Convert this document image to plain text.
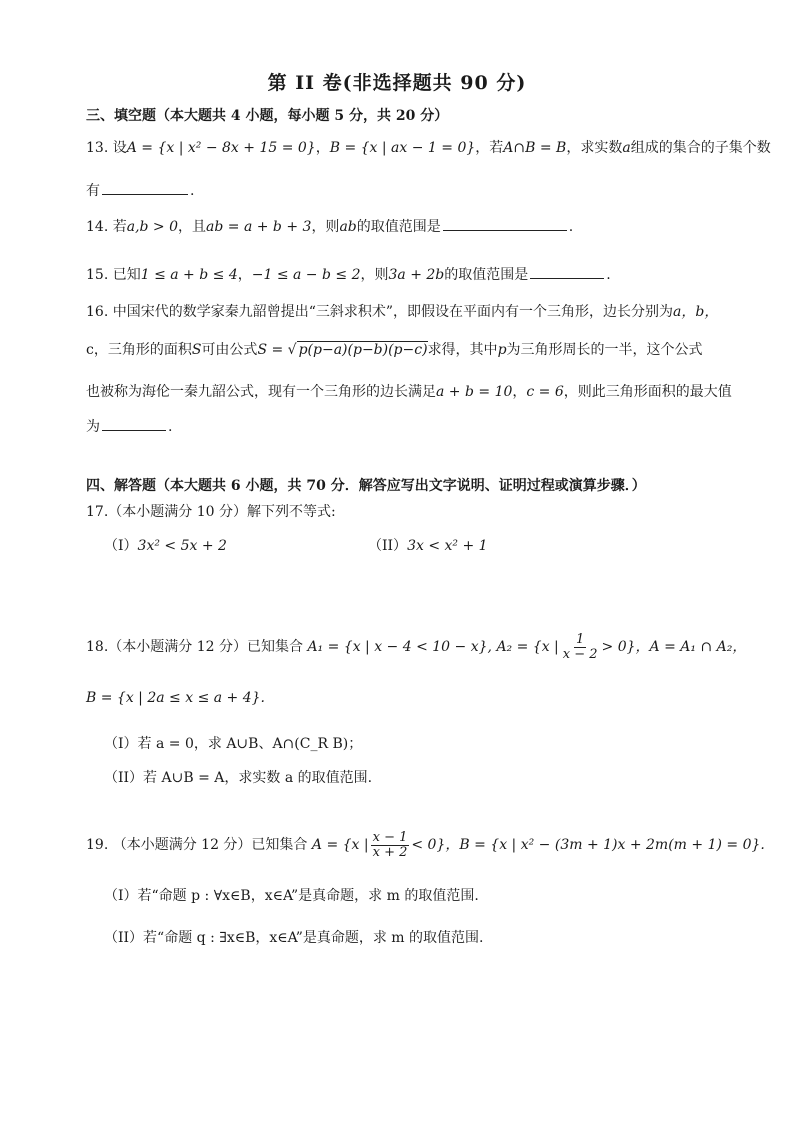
第 II 卷(非选择题共 90 分)
三、填空题（本大题共 4 小题，每小题 5 分，共 20 分）
13. 设A = {x | x² − 8x + 15 = 0}，B = {x | ax − 1 = 0}，若A∩B = B，求实数a组成的集合的子集个数
有	.
14. 若a,b > 0，且ab = a + b + 3，则ab的取值范围是	.
15. 已知1 ≤ a + b ≤ 4，−1 ≤ a − b ≤ 2，则3a + 2b的取值范围是	.
16. 中国宋代的数学家秦九韶曾提出“三斜求积术”，即假设在平面内有一个三角形，边长分别为a，b，
c，三角形的面积S可由公式S = √ p(p−a)(p−b)(p−c)求得，其中p为三角形周长的一半，这个公式
也被称为海伦一秦九韶公式，现有一个三角形的边长满足a + b = 10，c = 6，则此三角形面积的最大值
为	.
四、解答题（本大题共 6 小题，共 70 分．解答应写出文字说明、证明过程或演算步骤．）
17.（本小题满分 10 分）解下列不等式:
（I）3x² < 5x + 2	（II）3x < x² + 1
18.（本小题满分 12 分）已知集合 A₁ = {x | x − 4 < 10 − x}, A₂ = {x | $\frac{1}{x - 2} > 0$}，A = A₁ ∩ A₂，
B = {x | 2a ≤ x ≤ a + 4}.
（I）若 a = 0，求 A∪B、A∩(C_R B)；
（II）若 A∪B = A，求实数 a 的取值范围.
19. （本小题满分 12 分）已知集合 A = {x | $\frac{x - 1}{x + 2} < 0$}，B = {x | x² − (3m + 1)x + 2m(m + 1) = 0}.
（I）若“命题 p : ∀x∈B，x∈A”是真命题，求 m 的取值范围.
（II）若“命题 q : ∃x∈B，x∈A”是真命题，求 m 的取值范围.
